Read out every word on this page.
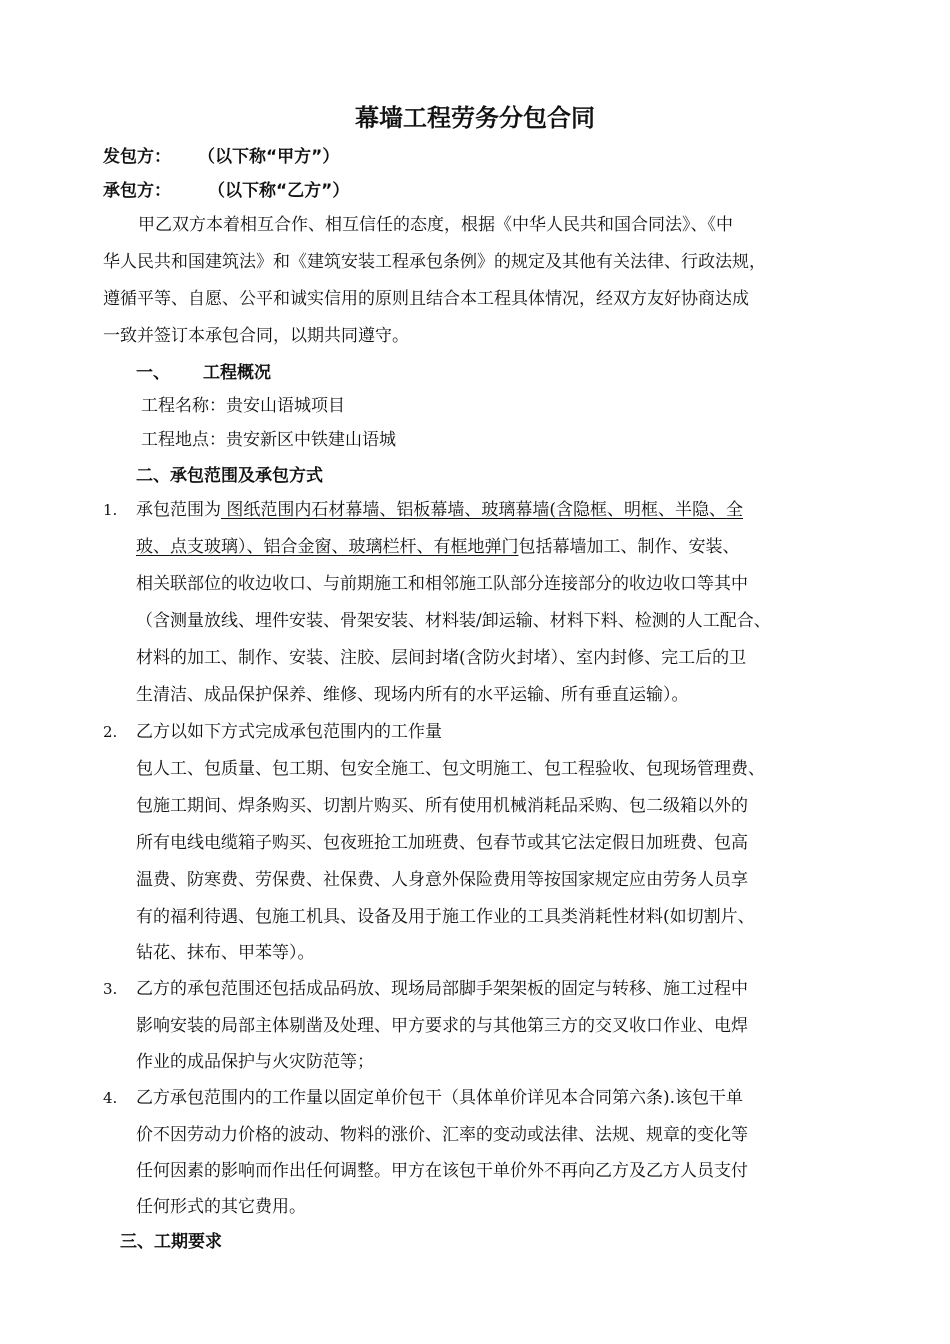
幕墙工程劳务分包合同
发包方： （以下称“甲方”）
承包方： （以下称“乙方”）
甲乙双方本着相互合作、相互信任的态度，根据《中华人民共和国合同法》、《中
华人民共和国建筑法》和《建筑安装工程承包条例》的规定及其他有关法律、行政法规，
遵循平等、自愿、公平和诚实信用的原则且结合本工程具体情况，经双方友好协商达成
一致并签订本承包合同，以期共同遵守。
一、 工程概况
工程名称：贵安山语城项目
工程地点：贵安新区中铁建山语城
二、承包范围及承包方式
1. 承包范围为 图纸范围内石材幕墙、铝板幕墙、玻璃幕墙(含隐框、明框、半隐、全
玻、点支玻璃）、铝合金窗、玻璃栏杆、有框地弹门包括幕墙加工、制作、安装、
相关联部位的收边收口、与前期施工和相邻施工队部分连接部分的收边收口等其中
（含测量放线、埋件安装、骨架安装、材料装/卸运输、材料下料、检测的人工配合、
材料的加工、制作、安装、注胶、层间封堵(含防火封堵）、室内封修、完工后的卫
生清洁、成品保护保养、维修、现场内所有的水平运输、所有垂直运输）。
2. 乙方以如下方式完成承包范围内的工作量
包人工、包质量、包工期、包安全施工、包文明施工、包工程验收、包现场管理费、
包施工期间、焊条购买、切割片购买、所有使用机械消耗品采购、包二级箱以外的
所有电线电缆箱子购买、包夜班抢工加班费、包春节或其它法定假日加班费、包高
温费、防寒费、劳保费、社保费、人身意外保险费用等按国家规定应由劳务人员享
有的福利待遇、包施工机具、设备及用于施工作业的工具类消耗性材料(如切割片、
钻花、抹布、甲苯等）。
3. 乙方的承包范围还包括成品码放、现场局部脚手架架板的固定与转移、施工过程中
影响安装的局部主体剔凿及处理、甲方要求的与其他第三方的交叉收口作业、电焊
作业的成品保护与火灾防范等；
4. 乙方承包范围内的工作量以固定单价包干（具体单价详见本合同第六条).该包干单
价不因劳动力价格的波动、物料的涨价、汇率的变动或法律、法规、规章的变化等
任何因素的影响而作出任何调整。甲方在该包干单价外不再向乙方及乙方人员支付
任何形式的其它费用。
三、工期要求
